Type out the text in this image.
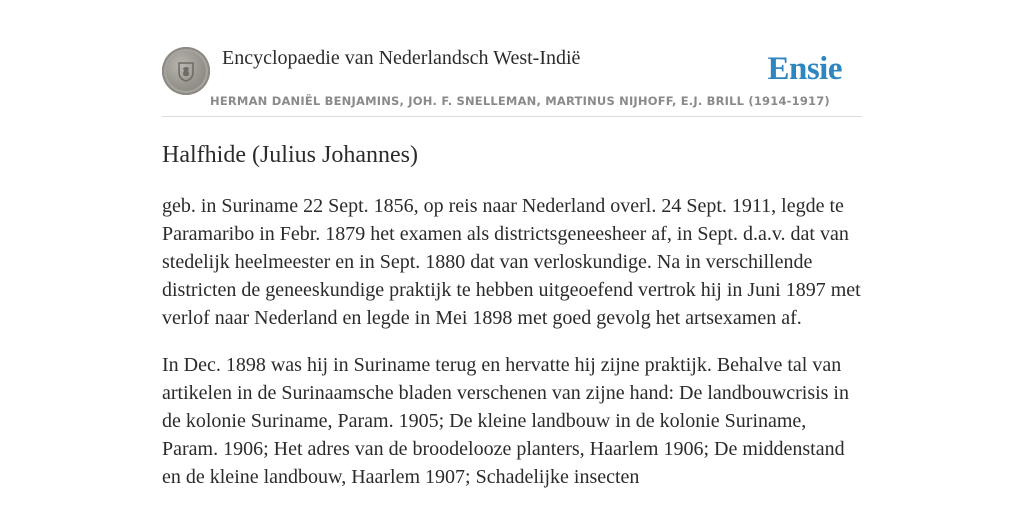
Encyclopaedie van Nederlandsch West-Indië	Ensie
HERMAN DANIËL BENJAMINS, JOH. F. SNELLEMAN, MARTINUS NIJHOFF, E.J. BRILL (1914-1917)
Halfhide (Julius Johannes)

geb. in Suriname 22 Sept. 1856, op reis naar Nederland overl. 24 Sept. 1911, legde te Paramaribo in Febr. 1879 het examen als districtsgeneesheer af, in Sept. d.a.v. dat van stedelijk heelmeester en in Sept. 1880 dat van verloskundige. Na in verschillende districten de geneeskundige praktijk te hebben uitgeoefend vertrok hij in Juni 1897 met verlof naar Nederland en legde in Mei 1898 met goed gevolg het artsexamen af.

In Dec. 1898 was hij in Suriname terug en hervatte hij zijne praktijk. Behalve tal van artikelen in de Surinaamsche bladen verschenen van zijne hand: De landbouwcrisis in de kolonie Suriname, Param. 1905; De kleine landbouw in de kolonie Suriname, Param. 1906; Het adres van de broodelooze planters, Haarlem 1906; De middenstand en de kleine landbouw, Haarlem 1907; Schadelijke insecten
